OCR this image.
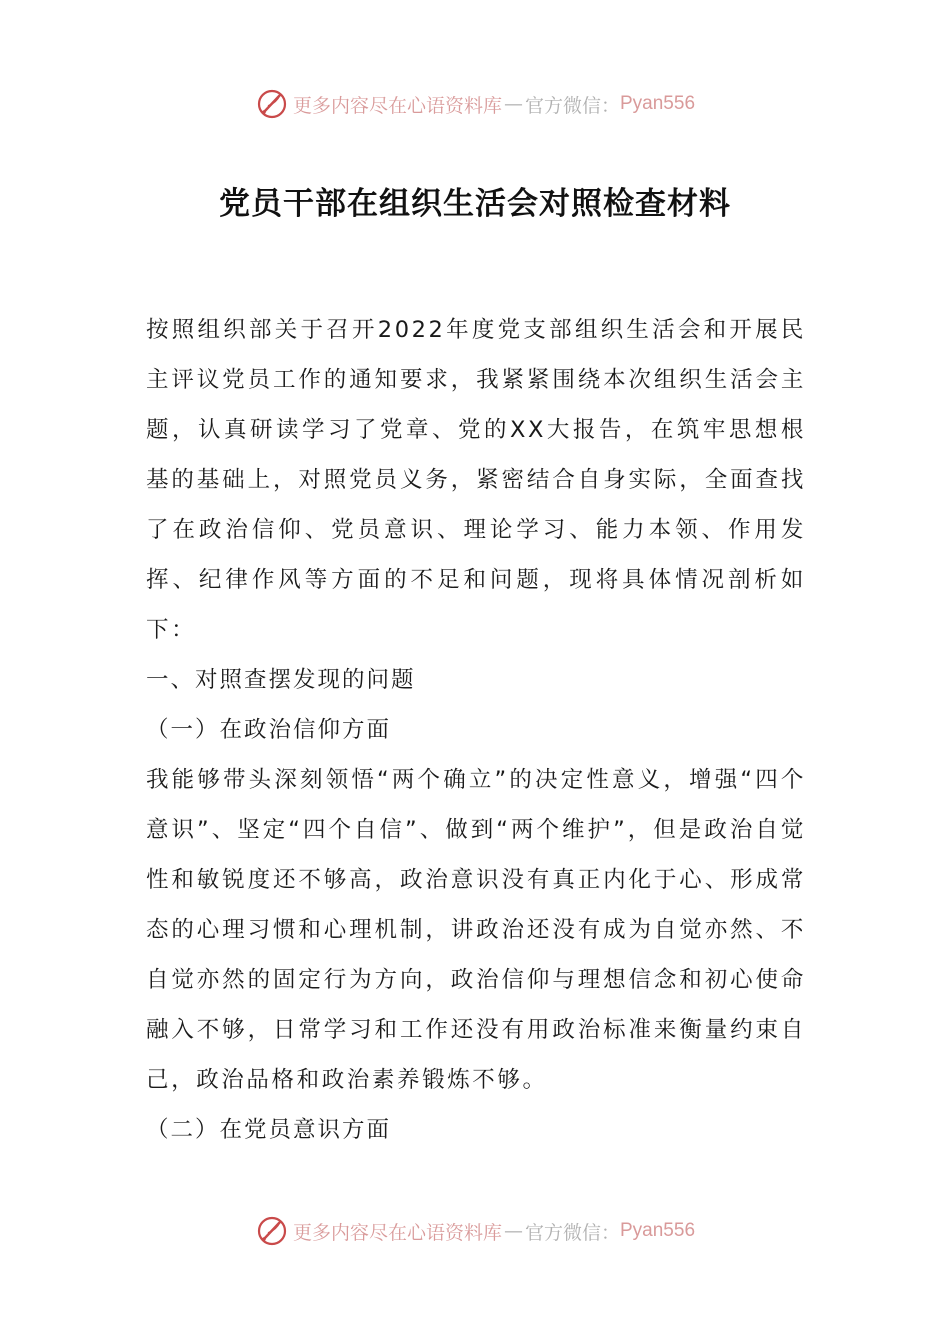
更多内容尽在心语资料库 — 官方微信： Pyan556
党员干部在组织生活会对照检查材料

按照组织部关于召开2022年度党支部组织生活会和开展民主评议党员工作的通知要求，我紧紧围绕本次组织生活会主题，认真研读学习了党章、党的XX大报告，在筑牢思想根基的基础上，对照党员义务，紧密结合自身实际，全面查找了在政治信仰、党员意识、理论学习、能力本领、作用发挥、纪律作风等方面的不足和问题，现将具体情况剖析如下：

一、对照查摆发现的问题

（一）在政治信仰方面

我能够带头深刻领悟“两个确立”的决定性意义，增强“四个意识”、坚定“四个自信”、做到“两个维护”，但是政治自觉性和敏锐度还不够高，政治意识没有真正内化于心、形成常态的心理习惯和心理机制，讲政治还没有成为自觉亦然、不自觉亦然的固定行为方向，政治信仰与理想信念和初心使命融入不够，日常学习和工作还没有用政治标准来衡量约束自己，政治品格和政治素养锻炼不够。

（二）在党员意识方面

更多内容尽在心语资料库 — 官方微信： Pyan556
